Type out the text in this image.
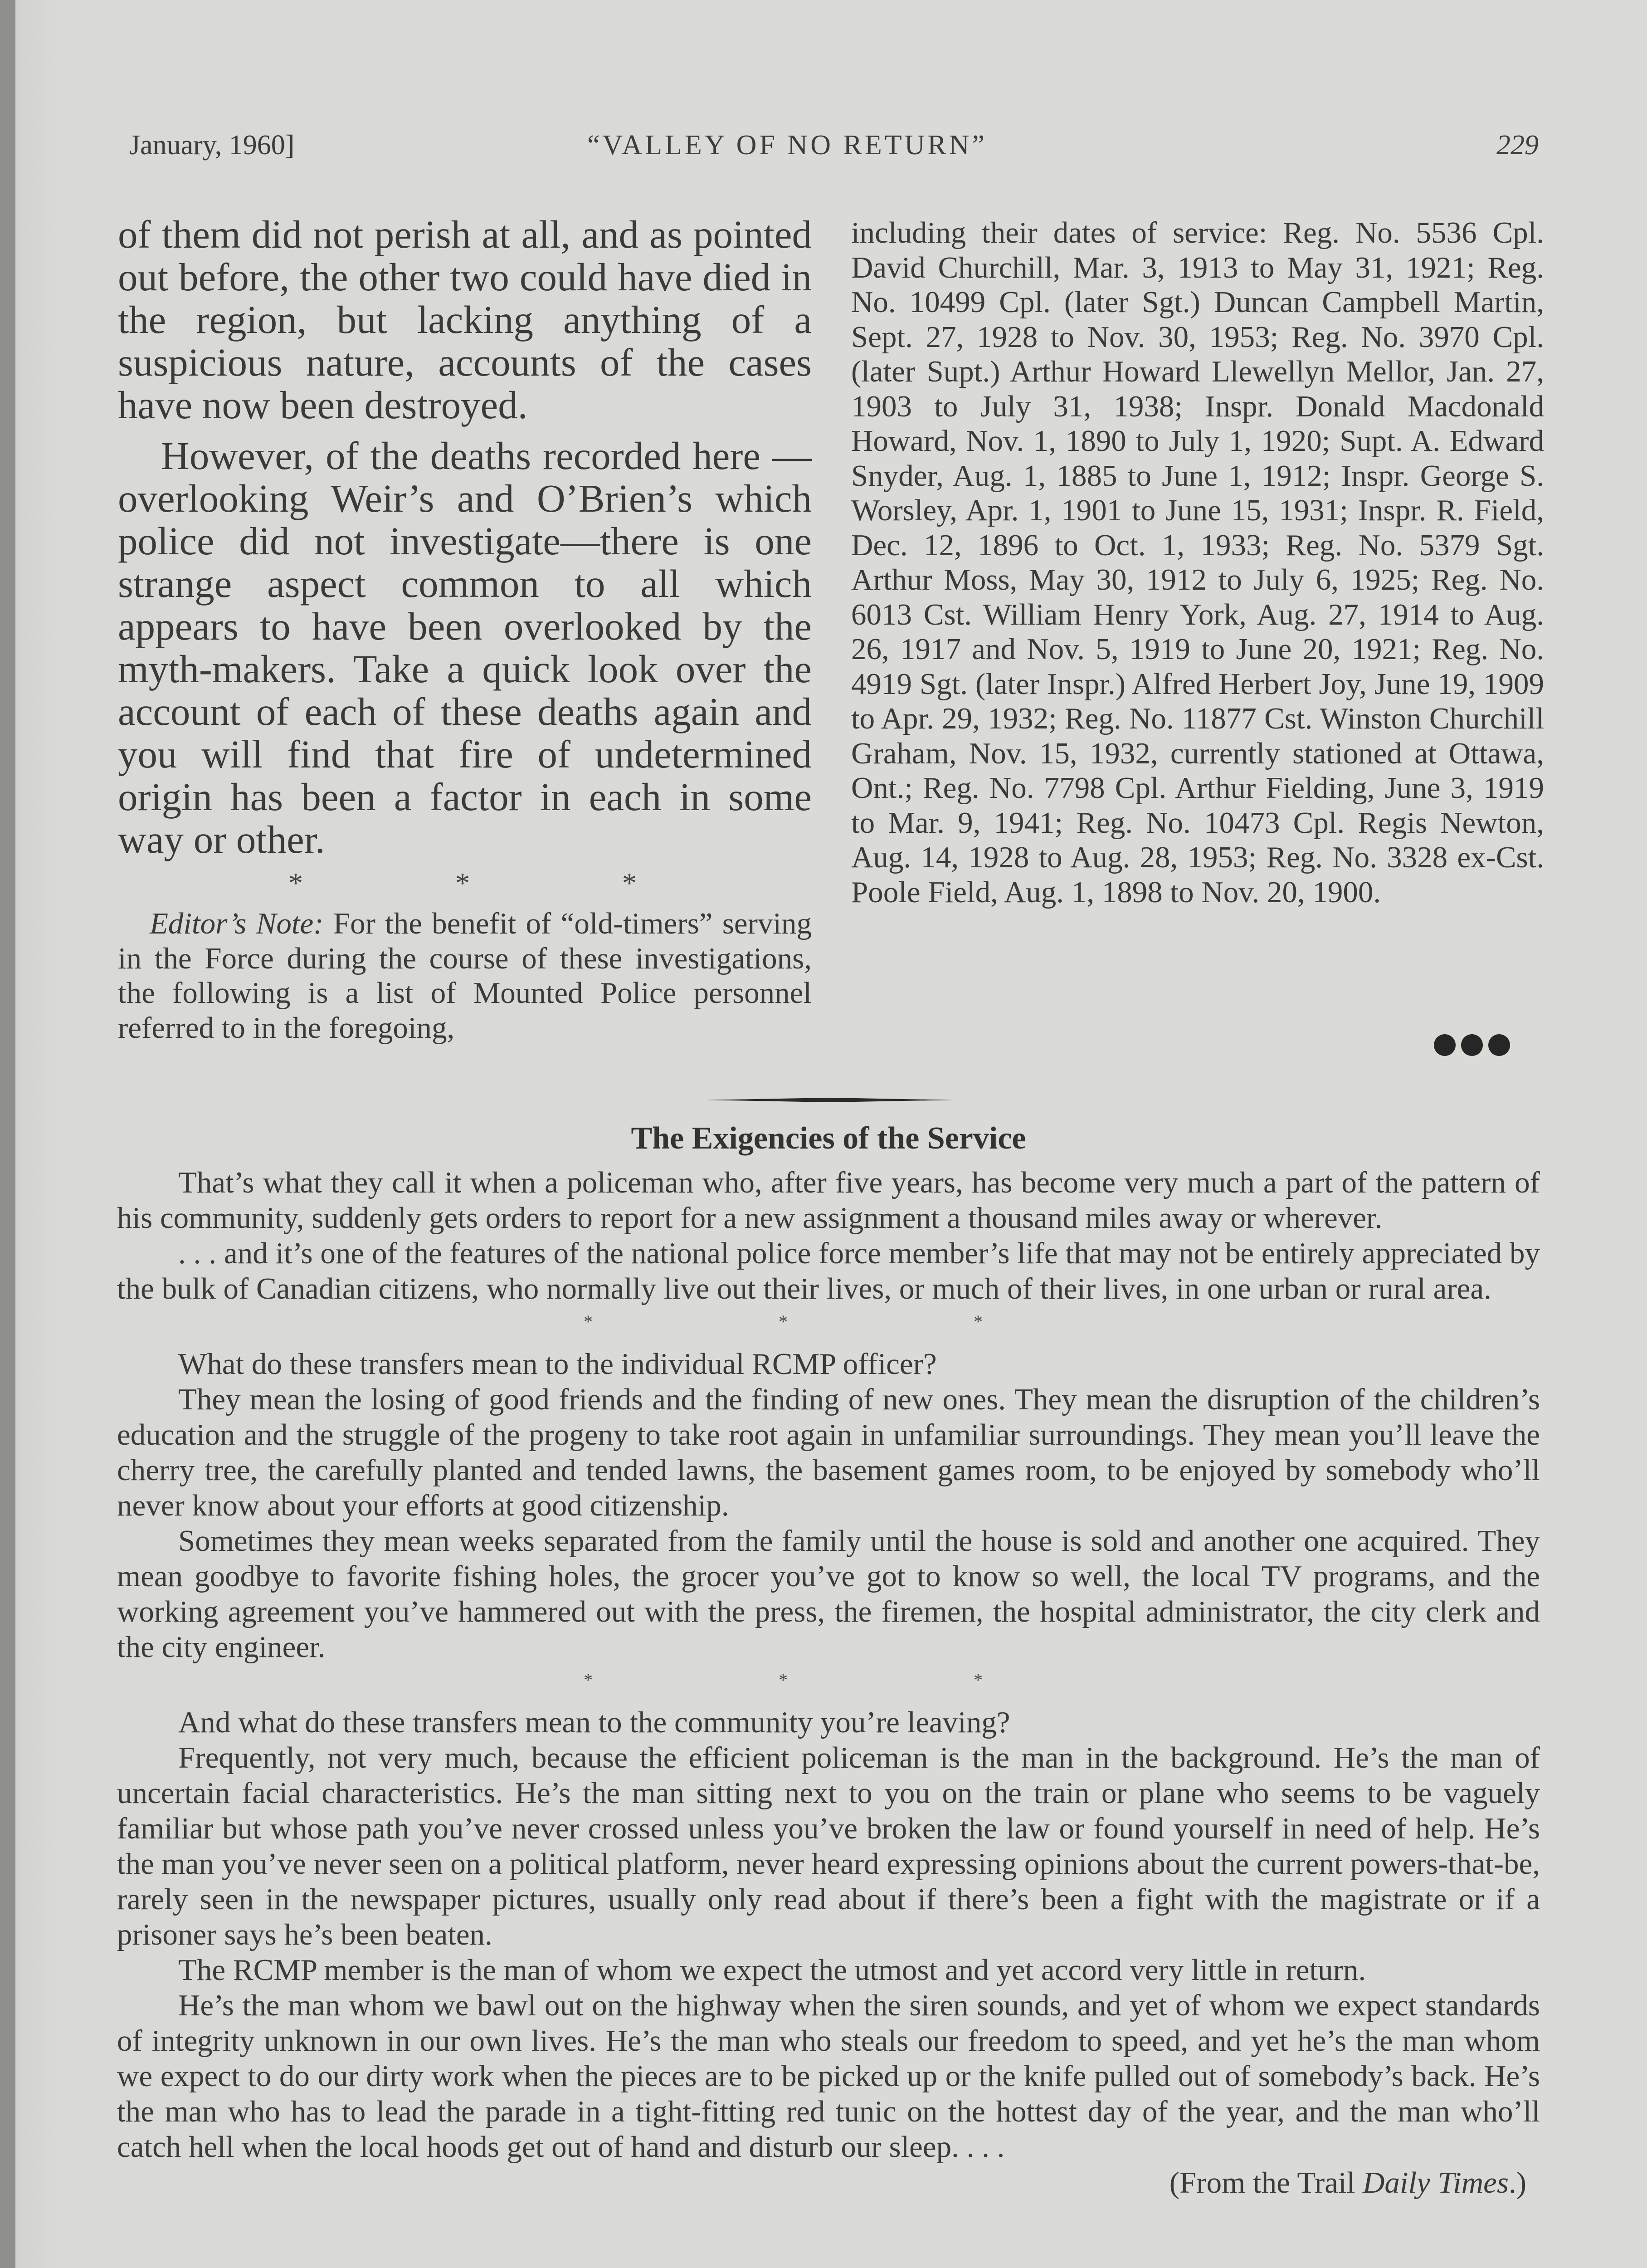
January, 1960]	“VALLEY OF NO RETURN”	229

of them did not perish at all, and as pointed out before, the other two could have died in the region, but lacking anything of a suspicious nature, accounts of the cases have now been destroyed.

However, of the deaths recorded here —overlooking Weir’s and O’Brien’s which police did not investigate—there is one strange aspect common to all which appears to have been overlooked by the myth-makers. Take a quick look over the account of each of these deaths again and you will find that fire of undetermined origin has been a factor in each in some way or other.

* * *

Editor’s Note: For the benefit of “old-timers” serving in the Force during the course of these investigations, the following is a list of Mounted Police personnel referred to in the foregoing,

including their dates of service: Reg. No. 5536 Cpl. David Churchill, Mar. 3, 1913 to May 31, 1921; Reg. No. 10499 Cpl. (later Sgt.) Duncan Campbell Martin, Sept. 27, 1928 to Nov. 30, 1953; Reg. No. 3970 Cpl. (later Supt.) Arthur Howard Llewellyn Mellor, Jan. 27, 1903 to July 31, 1938; Inspr. Donald Macdonald Howard, Nov. 1, 1890 to July 1, 1920; Supt. A. Edward Snyder, Aug. 1, 1885 to June 1, 1912; Inspr. George S. Worsley, Apr. 1, 1901 to June 15, 1931; Inspr. R. Field, Dec. 12, 1896 to Oct. 1, 1933; Reg. No. 5379 Sgt. Arthur Moss, May 30, 1912 to July 6, 1925; Reg. No. 6013 Cst. William Henry York, Aug. 27, 1914 to Aug. 26, 1917 and Nov. 5, 1919 to June 20, 1921; Reg. No. 4919 Sgt. (later Inspr.) Alfred Herbert Joy, June 19, 1909 to Apr. 29, 1932; Reg. No. 11877 Cst. Winston Churchill Graham, Nov. 15, 1932, currently stationed at Ottawa, Ont.; Reg. No. 7798 Cpl. Arthur Fielding, June 3, 1919 to Mar. 9, 1941; Reg. No. 10473 Cpl. Regis Newton, Aug. 14, 1928 to Aug. 28, 1953; Reg. No. 3328 ex-Cst. Poole Field, Aug. 1, 1898 to Nov. 20, 1900.

The Exigencies of the Service

That’s what they call it when a policeman who, after five years, has become very much a part of the pattern of his community, suddenly gets orders to report for a new assignment a thousand miles away or wherever.

. . . and it’s one of the features of the national police force member’s life that may not be entirely appreciated by the bulk of Canadian citizens, who normally live out their lives, or much of their lives, in one urban or rural area.

* * *

What do these transfers mean to the individual RCMP officer?

They mean the losing of good friends and the finding of new ones. They mean the disruption of the children’s education and the struggle of the progeny to take root again in unfamiliar surroundings. They mean you’ll leave the cherry tree, the carefully planted and tended lawns, the basement games room, to be enjoyed by somebody who’ll never know about your efforts at good citizenship.

Sometimes they mean weeks separated from the family until the house is sold and another one acquired. They mean goodbye to favorite fishing holes, the grocer you’ve got to know so well, the local TV programs, and the working agreement you’ve hammered out with the press, the firemen, the hospital administrator, the city clerk and the city engineer.

* * *

And what do these transfers mean to the community you’re leaving?

Frequently, not very much, because the efficient policeman is the man in the background. He’s the man of uncertain facial characteristics. He’s the man sitting next to you on the train or plane who seems to be vaguely familiar but whose path you’ve never crossed unless you’ve broken the law or found yourself in need of help. He’s the man you’ve never seen on a political platform, never heard expressing opinions about the current powers-that-be, rarely seen in the newspaper pictures, usually only read about if there’s been a fight with the magistrate or if a prisoner says he’s been beaten.

The RCMP member is the man of whom we expect the utmost and yet accord very little in return.

He’s the man whom we bawl out on the highway when the siren sounds, and yet of whom we expect standards of integrity unknown in our own lives. He’s the man who steals our freedom to speed, and yet he’s the man whom we expect to do our dirty work when the pieces are to be picked up or the knife pulled out of somebody’s back. He’s the man who has to lead the parade in a tight-fitting red tunic on the hottest day of the year, and the man who’ll catch hell when the local hoods get out of hand and disturb our sleep. . . .

(From the Trail Daily Times.)
